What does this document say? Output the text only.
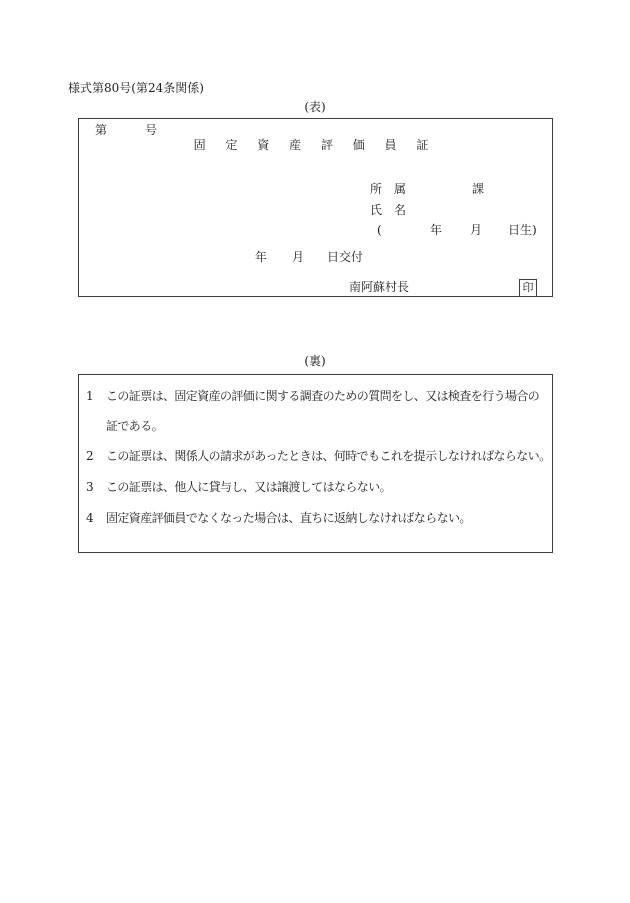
様式第80号(第24条関係)
(表)
第	号
固 定 資 産 評 価 員 証
所　属	課
氏　名
(	年 月 日生)
年 月 日交付
南阿蘇村長	印
(裏)
1 この証票は、固定資産の評価に関する調査のための質問をし、又は検査を行う場合の
証である。
2 この証票は、関係人の請求があったときは、何時でもこれを提示しなければならない。
3 この証票は、他人に貸与し、又は譲渡してはならない。
4 固定資産評価員でなくなった場合は、直ちに返納しなければならない。
